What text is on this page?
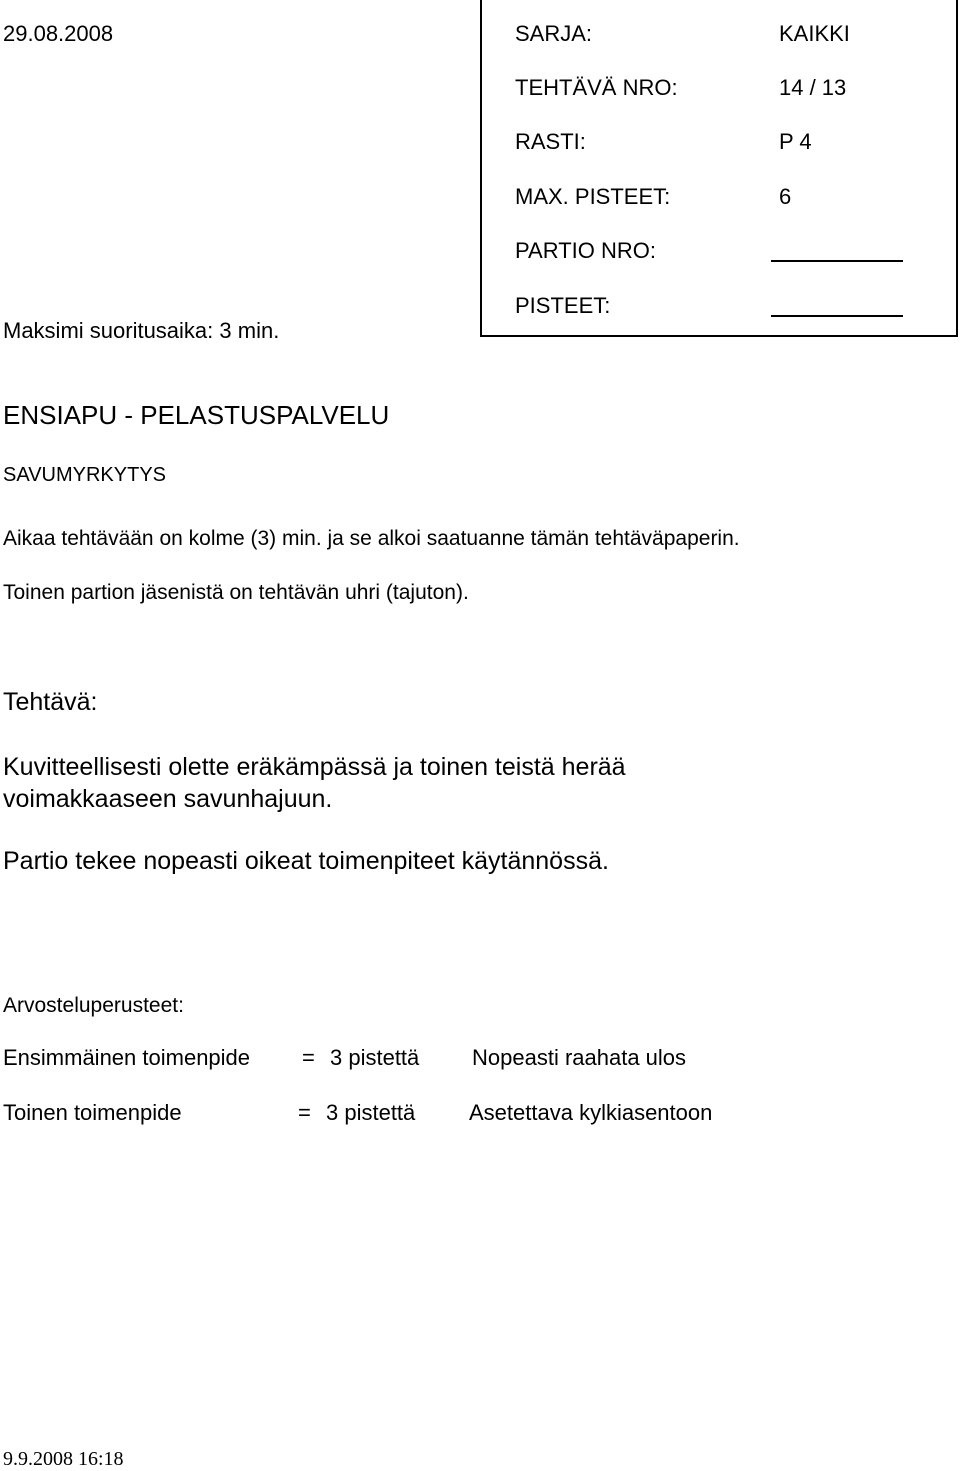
29.08.2008
Maksimi suoritusaika: 3 min.
SARJA:	KAIKKI
TEHTÄVÄ NRO:	14 / 13
RASTI:	P 4
MAX. PISTEET:	6
PARTIO NRO:
PISTEET:
ENSIAPU - PELASTUSPALVELU
SAVUMYRKYTYS
Aikaa tehtävään on kolme (3) min. ja se alkoi saatuanne tämän tehtäväpaperin.
Toinen partion jäsenistä on tehtävän uhri (tajuton).
Tehtävä:
Kuvitteellisesti olette eräkämpässä ja toinen teistä herää
voimakkaaseen savunhajuun.
Partio tekee nopeasti oikeat toimenpiteet käytännössä.
Arvosteluperusteet:
Ensimmäinen toimenpide = 3 pistettä Nopeasti raahata ulos
Toinen toimenpide	= 3 pistettä Asetettava kylkiasentoon
9.9.2008 16:18
